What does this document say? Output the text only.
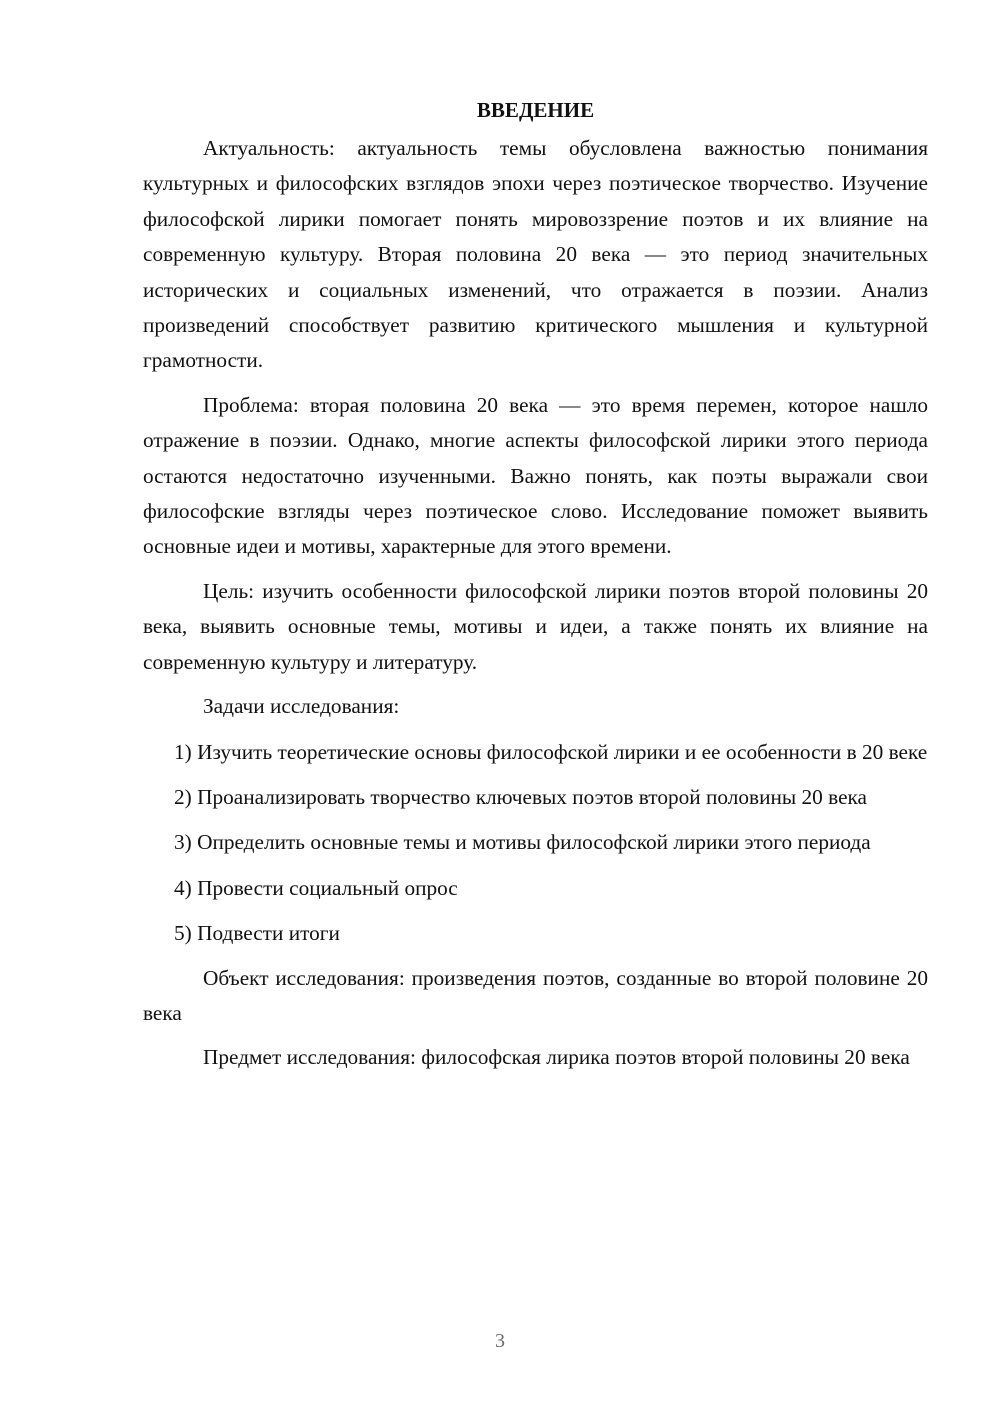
ВВЕДЕНИЕ

Актуальность: актуальность темы обусловлена важностью понимания культурных и философских взглядов эпохи через поэтическое творчество. Изучение философской лирики помогает понять мировоззрение поэтов и их влияние на современную культуру. Вторая половина 20 века — это период значительных исторических и социальных изменений, что отражается в поэзии. Анализ произведений способствует развитию критического мышления и культурной грамотности.

Проблема: вторая половина 20 века — это время перемен, которое нашло отражение в поэзии. Однако, многие аспекты философской лирики этого периода остаются недостаточно изученными. Важно понять, как поэты выражали свои философские взгляды через поэтическое слово. Исследование поможет выявить основные идеи и мотивы, характерные для этого времени.

Цель: изучить особенности философской лирики поэтов второй половины 20 века, выявить основные темы, мотивы и идеи, а также понять их влияние на современную культуру и литературу.

Задачи исследования:

1) Изучить теоретические основы философской лирики и ее особенности в 20 веке

2) Проанализировать творчество ключевых поэтов второй половины 20 века

3) Определить основные темы и мотивы философской лирики этого периода

4) Провести социальный опрос

5) Подвести итоги

Объект исследования: произведения поэтов, созданные во второй половине 20 века

Предмет исследования: философская лирика поэтов второй половины 20 века

3
